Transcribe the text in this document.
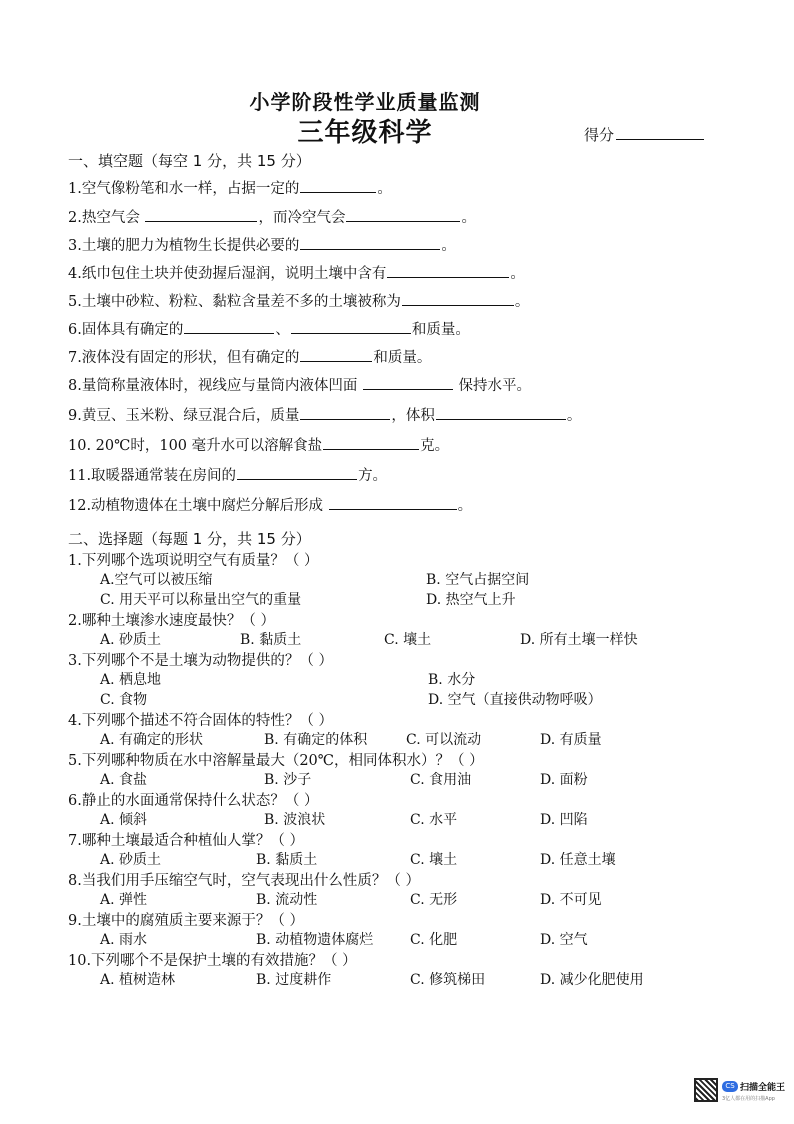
小学阶段性学业质量监测
三年级科学	得分
一、填空题（每空 1 分，共 15 分）
1.空气像粉笔和水一样，占据一定的	。
2.热空气会	，而冷空气会	。
3.土壤的肥力为植物生长提供必要的	。
4.纸巾包住土块并使劲握后湿润，说明土壤中含有	。
5.土壤中砂粒、粉粒、黏粒含量差不多的土壤被称为	。
6.固体具有确定的	、	和质量。
7.液体没有固定的形状，但有确定的	和质量。
8.量筒称量液体时，视线应与量筒内液体凹面	保持水平。
9.黄豆、玉米粉、绿豆混合后，质量	，体积	。
10. 20℃时，100 毫升水可以溶解食盐	克。
11.取暖器通常装在房间的	方。
12.动植物遗体在土壤中腐烂分解后形成	。
二、选择题（每题 1 分，共 15 分）
1.下列哪个选项说明空气有质量？（ ）
A.空气可以被压缩	B. 空气占据空间
C. 用天平可以称量出空气的重量	D. 热空气上升
2.哪种土壤渗水速度最快？（ ）
A. 砂质土	B. 黏质土	C. 壤土	D. 所有土壤一样快
3.下列哪个不是土壤为动物提供的？（ ）
A. 栖息地	B. 水分
C. 食物	D. 空气（直接供动物呼吸）
4.下列哪个描述不符合固体的特性？（ ）
A. 有确定的形状	B. 有确定的体积	C. 可以流动	D. 有质量
5.下列哪种物质在水中溶解量最大（20℃，相同体积水）？（ ）
A. 食盐	B. 沙子	C. 食用油	D. 面粉
6.静止的水面通常保持什么状态？（ ）
A. 倾斜	B. 波浪状	C. 水平	D. 凹陷
7.哪种土壤最适合种植仙人掌？（ ）
A. 砂质土	B. 黏质土	C. 壤土	D. 任意土壤
8.当我们用手压缩空气时，空气表现出什么性质？（ ）
A. 弹性	B. 流动性	C. 无形	D. 不可见
9.土壤中的腐殖质主要来源于？（ ）
A. 雨水	B. 动植物遗体腐烂	C. 化肥	D. 空气
10.下列哪个不是保护土壤的有效措施？（ ）
A. 植树造林	B. 过度耕作	C. 修筑梯田	D. 减少化肥使用
CS 扫描全能王
3亿人都在用的扫描App
